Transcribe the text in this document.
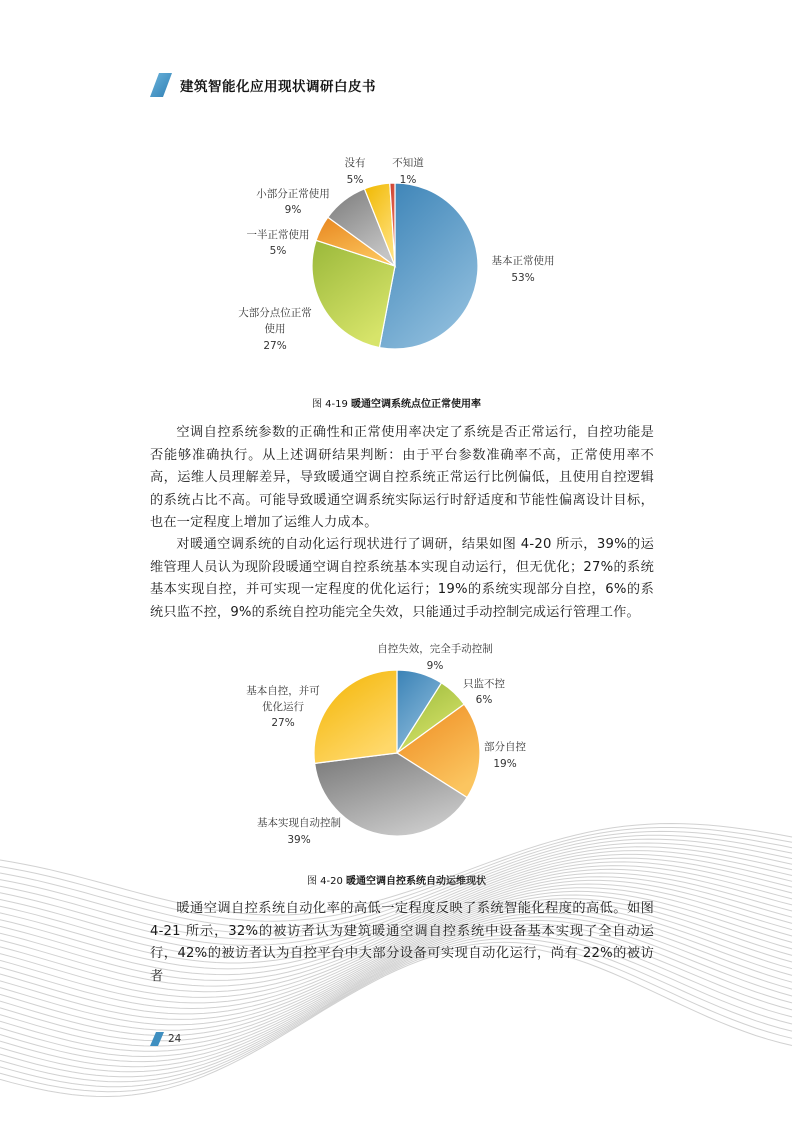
建筑智能化应用现状调研白皮书
基本正常使用
53%
大部分点位正常
使用
27%
一半正常使用
5%
小部分正常使用
9%
没有
5%
不知道
1%
图 4-19 暖通空调系统点位正常使用率

空调自控系统参数的正确性和正常使用率决定了系统是否正常运行，自控功能是否能够准确执行。从上述调研结果判断：由于平台参数准确率不高，正常使用率不高，运维人员理解差异，导致暖通空调自控系统正常运行比例偏低，且使用自控逻辑的系统占比不高。可能导致暖通空调系统实际运行时舒适度和节能性偏离设计目标，也在一定程度上增加了运维人力成本。

对暖通空调系统的自动化运行现状进行了调研，结果如图 4-20 所示，39%的运维管理人员认为现阶段暖通空调自控系统基本实现自动运行，但无优化；27%的系统基本实现自控，并可实现一定程度的优化运行；19%的系统实现部分自控，6%的系统只监不控，9%的系统自控功能完全失效，只能通过手动控制完成运行管理工作。

自控失效，完全手动控制
9%
只监不控
6%
部分自控
19%
基本实现自动控制
39%
基本自控，并可
优化运行
27%
图 4-20 暖通空调自控系统自动运维现状

暖通空调自控系统自动化率的高低一定程度反映了系统智能化程度的高低。如图 4-21 所示，32%的被访者认为建筑暖通空调自控系统中设备基本实现了全自动运行，42%的被访者认为自控平台中大部分设备可实现自动化运行，尚有 22%的被访者

24
